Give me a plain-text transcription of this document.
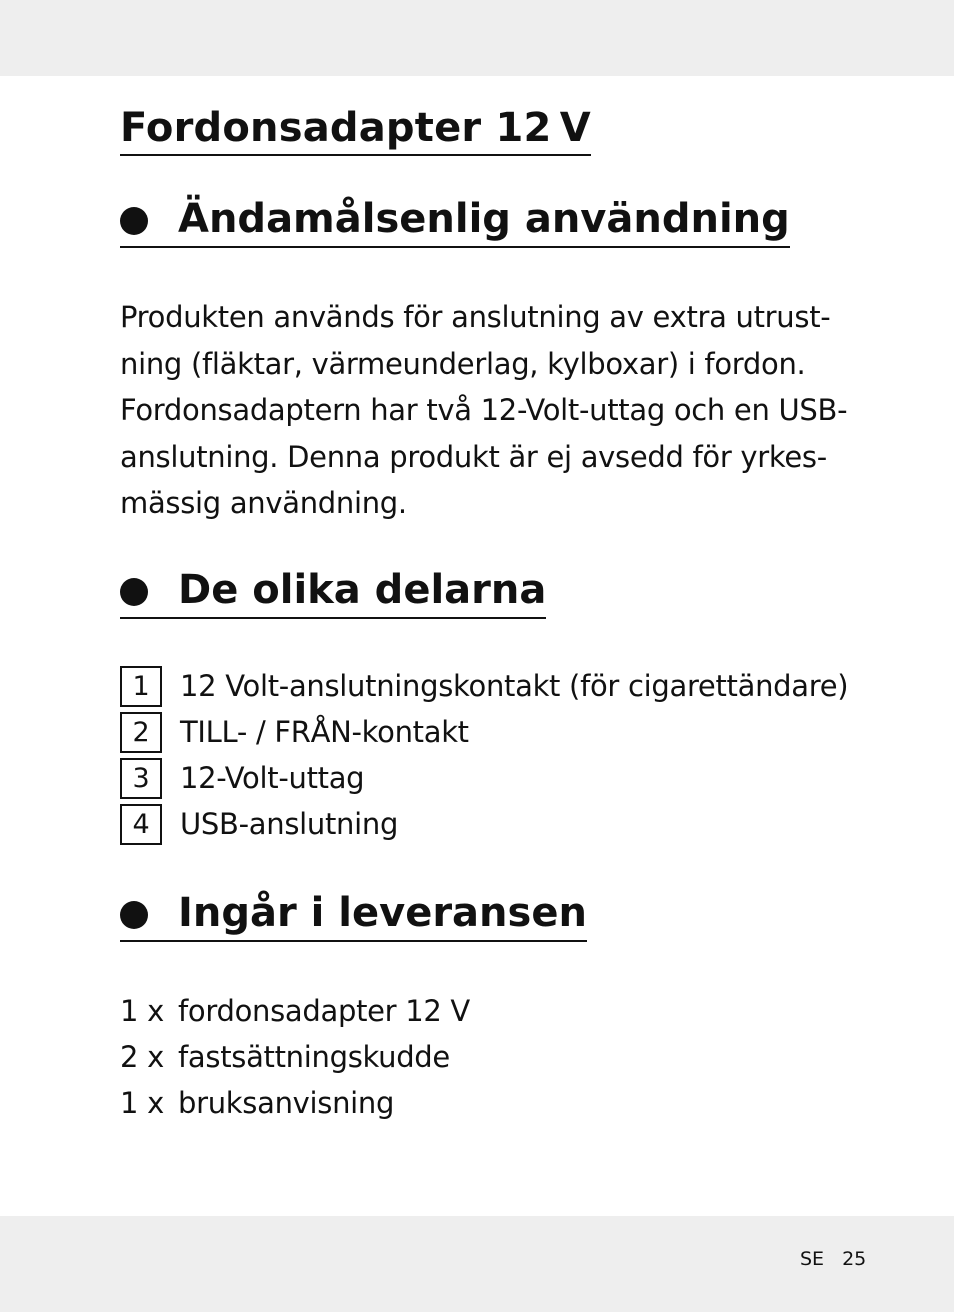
Fordonsadapter 12 V
Ändamålsenlig användning

Produkten används för anslutning av extra utrust-
ning (fläktar, värmeunderlag, kylboxar) i fordon.
Fordonsadaptern har två 12-Volt-uttag och en USB-
anslutning. Denna produkt är ej avsedd för yrkes-
mässig användning.

De olika delarna
1	12 Volt-anslutningskontakt (för cigarettändare)
2	TILL- / FRÅN-kontakt
3	12-Volt-uttag
4	USB-anslutning
Ingår i leveransen
1 x fordonsadapter 12 V
2 x fastsättningskudde
1 x bruksanvisning
SE 25
